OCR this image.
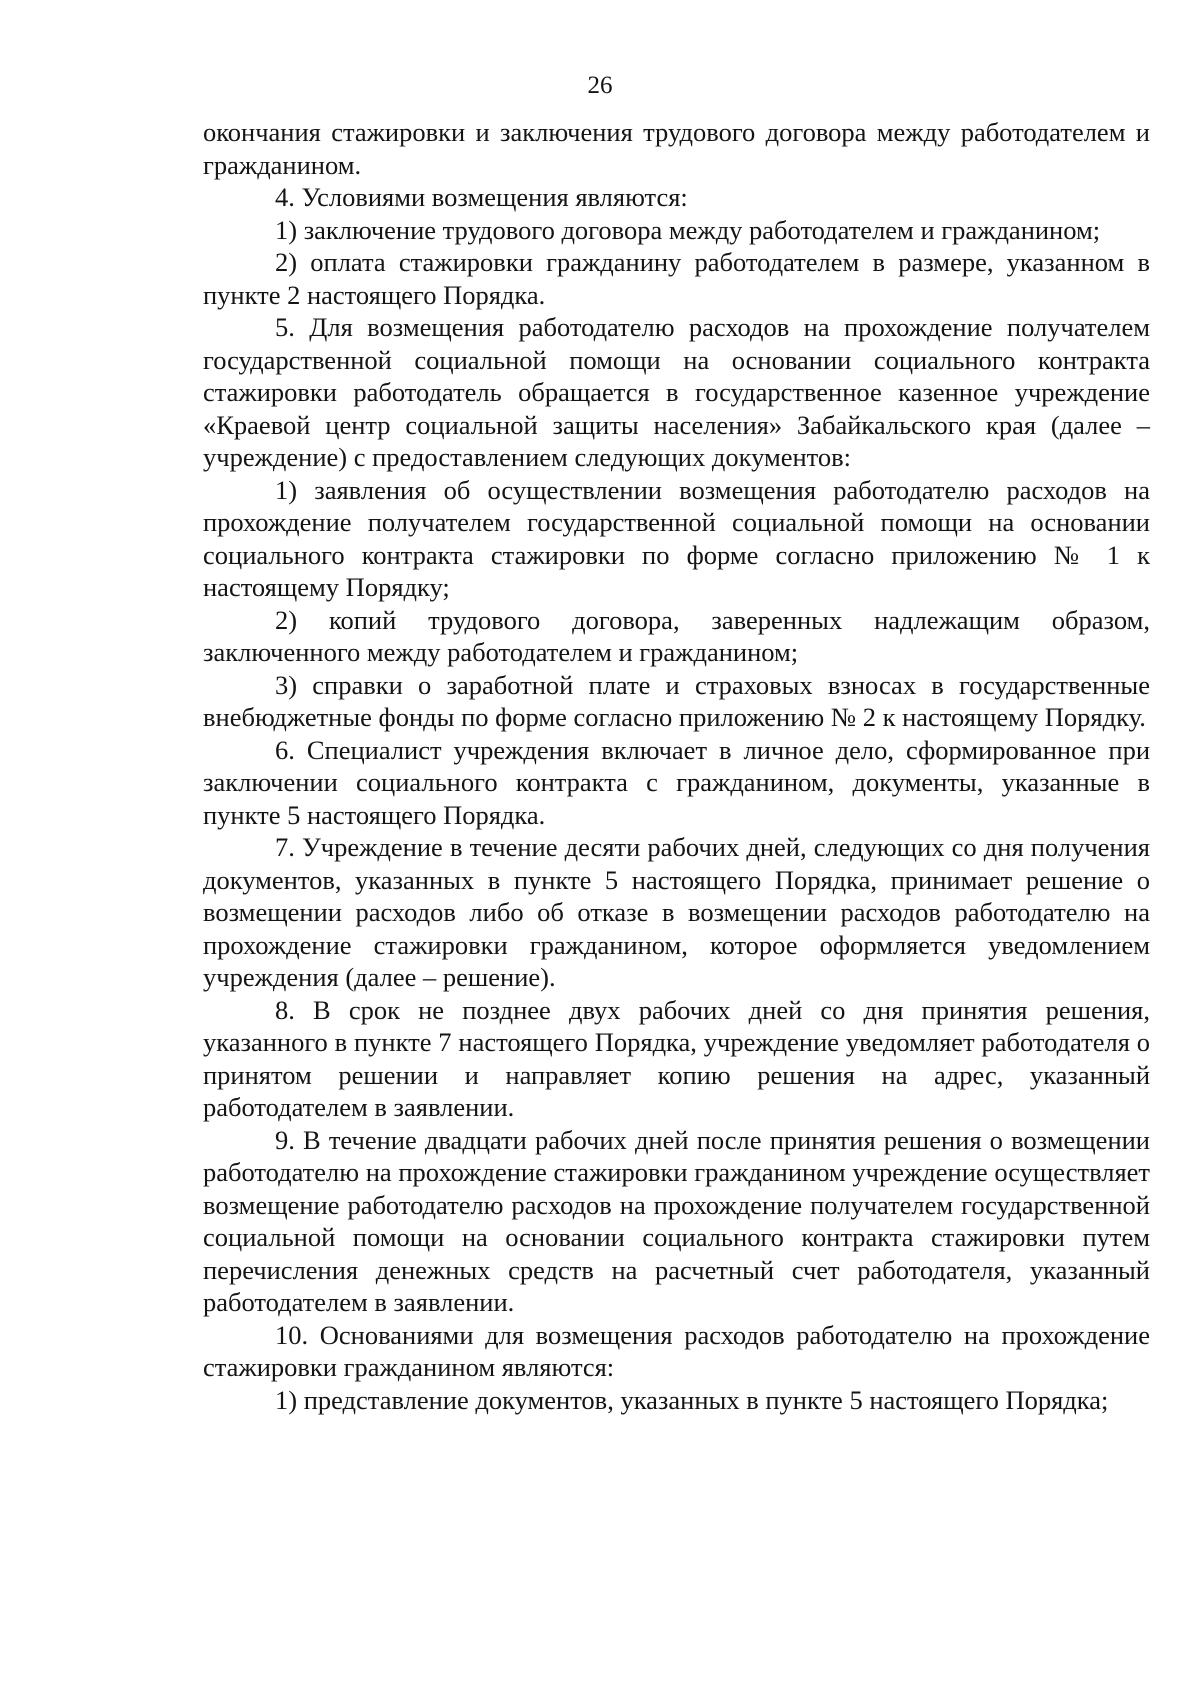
26

окончания стажировки и заключения трудового договора между работодателем и гражданином.

4. Условиями возмещения являются:

1) заключение трудового договора между работодателем и гражданином;

2) оплата стажировки гражданину работодателем в размере, указанном в пункте 2 настоящего Порядка.

5. Для возмещения работодателю расходов на прохождение получателем государственной социальной помощи на основании социального контракта стажировки работодатель обращается в государственное казенное учреждение «Краевой центр социальной защиты населения» Забайкальского края (далее – учреждение) с предоставлением следующих документов:

1) заявления об осуществлении возмещения работодателю расходов на прохождение получателем государственной социальной помощи на основании социального контракта стажировки по форме согласно приложению № 1 к настоящему Порядку;

2) копий трудового договора, заверенных надлежащим образом, заключенного между работодателем и гражданином;

3) справки о заработной плате и страховых взносах в государственные внебюджетные фонды по форме согласно приложению № 2 к настоящему Порядку.

6. Специалист учреждения включает в личное дело, сформированное при заключении социального контракта с гражданином, документы, указанные в пункте 5 настоящего Порядка.

7. Учреждение в течение десяти рабочих дней, следующих со дня получения документов, указанных в пункте 5 настоящего Порядка, принимает решение о возмещении расходов либо об отказе в возмещении расходов работодателю на прохождение стажировки гражданином, которое оформляется уведомлением учреждения (далее – решение).

8. В срок не позднее двух рабочих дней со дня принятия решения, указанного в пункте 7 настоящего Порядка, учреждение уведомляет работодателя о принятом решении и направляет копию решения на адрес, указанный работодателем в заявлении.

9. В течение двадцати рабочих дней после принятия решения о возмещении работодателю на прохождение стажировки гражданином учреждение осуществляет возмещение работодателю расходов на прохождение получателем государственной социальной помощи на основании социального контракта стажировки путем перечисления денежных средств на расчетный счет работодателя, указанный работодателем в заявлении.

10. Основаниями для возмещения расходов работодателю на прохождение стажировки гражданином являются:

1) представление документов, указанных в пункте 5 настоящего Порядка;
